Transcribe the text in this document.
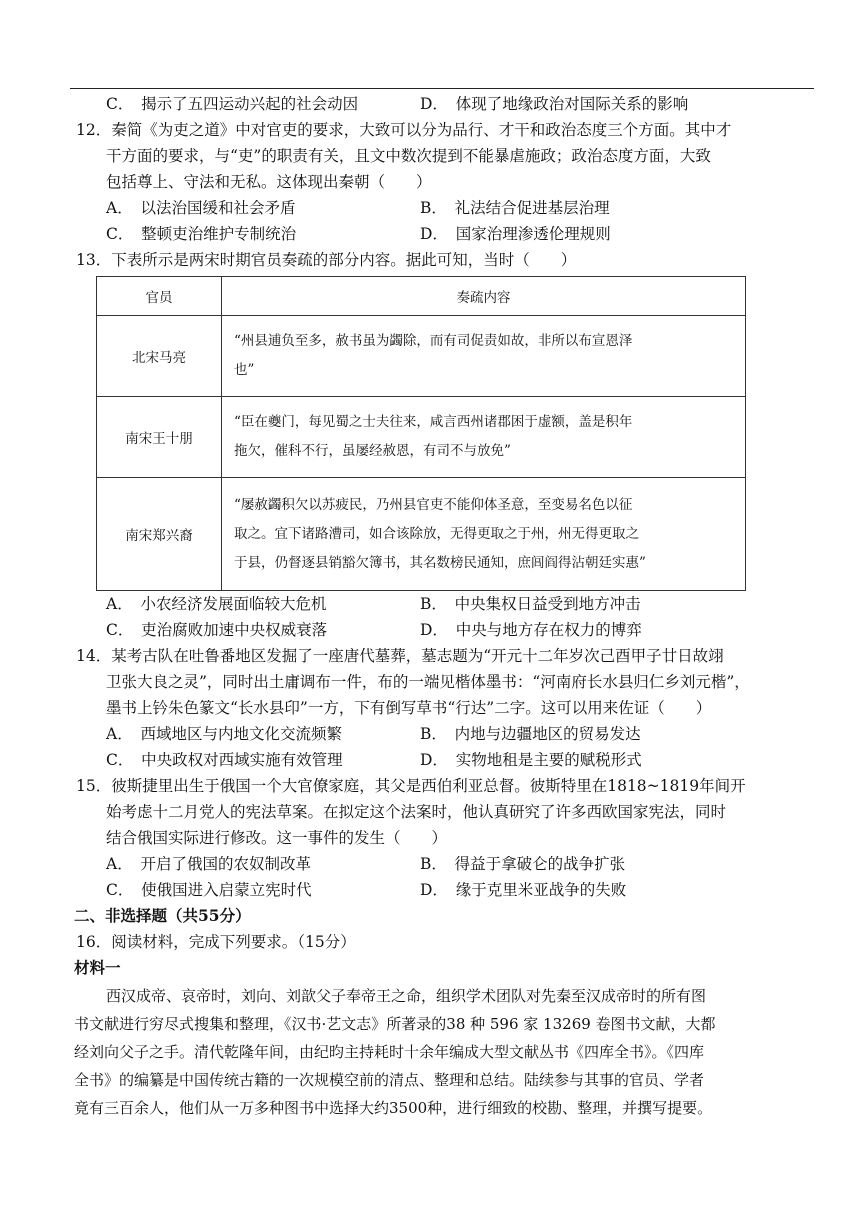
C．　 揭示了五四运动兴起的社会动因	D．　 体现了地缘政治对国际关系的影响
12．秦简《为吏之道》中对官吏的要求，大致可以分为品行、才干和政治态度三个方面。其中才
干方面的要求，与“吏”的职责有关，且文中数次提到不能暴虐施政；政治态度方面，大致
包括尊上、守法和无私。这体现出秦朝（　　）
A．　 以法治国缓和社会矛盾	B．　 礼法结合促进基层治理
C．　 整顿吏治维护专制统治	D．　 国家治理渗透伦理规则
13．下表所示是两宋时期官员奏疏的部分内容。据此可知，当时（　　）
官员	奏疏内容
北宋马亮	“州县逋负至多，赦书虽为蠲除，而有司促责如故，非所以布宣恩泽
也”

南宋王十朋	“臣在夔门，每见蜀之士夫往来，咸言西州诸郡困于虚额，盖是积年
拖欠，催科不行，虽屡经赦恩，有司不与放免”

南宋郑兴裔	“屡赦蠲积欠以苏疲民，乃州县官吏不能仰体圣意，至变易名色以征
取之。宜下诸路漕司，如合该除放，无得更取之于州，州无得更取之
于县，仍督逐县销豁欠簿书，其名数榜民通知，庶闾阎得沾朝廷实惠”
A．　 小农经济发展面临较大危机	B．　 中央集权日益受到地方冲击
C．　 吏治腐败加速中央权威衰落	D．　 中央与地方存在权力的博弈
14．某考古队在吐鲁番地区发掘了一座唐代墓葬，墓志题为“开元十二年岁次己酉甲子廿日故翊
卫张大良之灵”，同时出土庸调布一件，布的一端见楷体墨书：“河南府长水县归仁乡刘元楷”，
墨书上钤朱色篆文“长水县印”一方，下有倒写草书“行达”二字。这可以用来佐证（　　）
A．　 西域地区与内地文化交流频繁	B．　 内地与边疆地区的贸易发达
C．　 中央政权对西域实施有效管理	D．　 实物地租是主要的赋税形式
15．彼斯捷里出生于俄国一个大官僚家庭，其父是西伯利亚总督。彼斯特里在1818~1819年间开
始考虑十二月党人的宪法草案。在拟定这个法案时，他认真研究了许多西欧国家宪法，同时
结合俄国实际进行修改。这一事件的发生（　　）
A．　 开启了俄国的农奴制改革	B．　 得益于拿破仑的战争扩张
C．　 使俄国进入启蒙立宪时代	D．　 缘于克里米亚战争的失败
二、非选择题（共55分）
16．阅读材料，完成下列要求。（15分）
材料一
西汉成帝、哀帝时，刘向、刘歆父子奉帝王之命，组织学术团队对先秦至汉成帝时的所有图
书文献进行穷尽式搜集和整理，《汉书·艺文志》所著录的38 种 596 家 13269 卷图书文献，大都
经刘向父子之手。清代乾隆年间，由纪昀主持耗时十余年编成大型文献丛书《四库全书》。《四库
全书》的编纂是中国传统古籍的一次规模空前的清点、整理和总结。陆续参与其事的官员、学者
竟有三百余人，他们从一万多种图书中选择大约3500种，进行细致的校勘、整理，并撰写提要。
